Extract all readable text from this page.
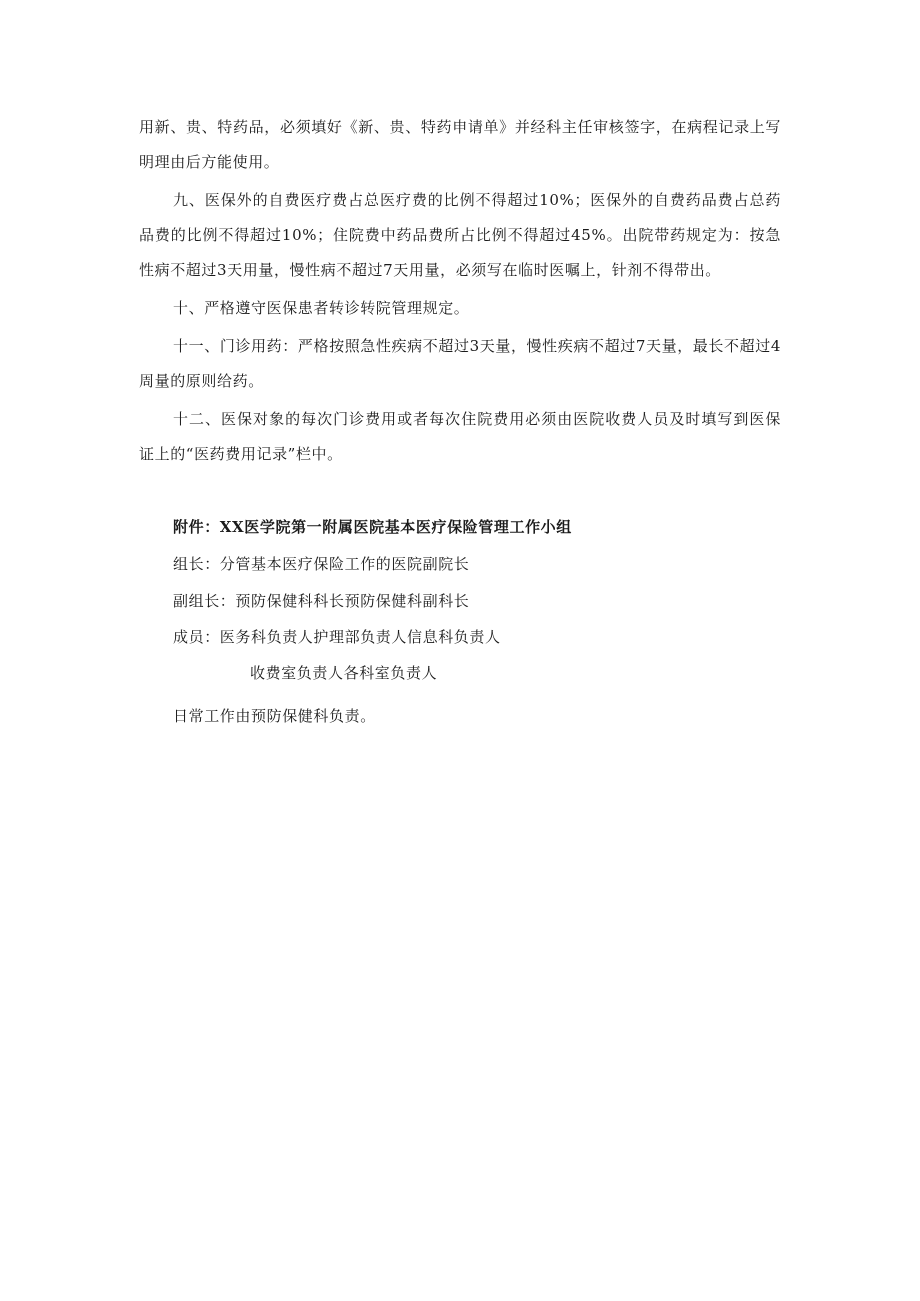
用新、贵、特药品，必须填好《新、贵、特药申请单》并经科主任审核签字，在病程记录上写明理由后方能使用。

九、医保外的自费医疗费占总医疗费的比例不得超过10%；医保外的自费药品费占总药品费的比例不得超过10%；住院费中药品费所占比例不得超过45%。出院带药规定为：按急性病不超过3天用量，慢性病不超过7天用量，必须写在临时医嘱上，针剂不得带出。

十、严格遵守医保患者转诊转院管理规定。

十一、门诊用药：严格按照急性疾病不超过3天量，慢性疾病不超过7天量，最长不超过4周量的原则给药。

十二、医保对象的每次门诊费用或者每次住院费用必须由医院收费人员及时填写到医保证上的“医药费用记录”栏中。

附件：XX医学院第一附属医院基本医疗保险管理工作小组
组长：分管基本医疗保险工作的医院副院长
副组长：预防保健科科长预防保健科副科长
成员：医务科负责人护理部负责人信息科负责人
收费室负责人各科室负责人
日常工作由预防保健科负责。
